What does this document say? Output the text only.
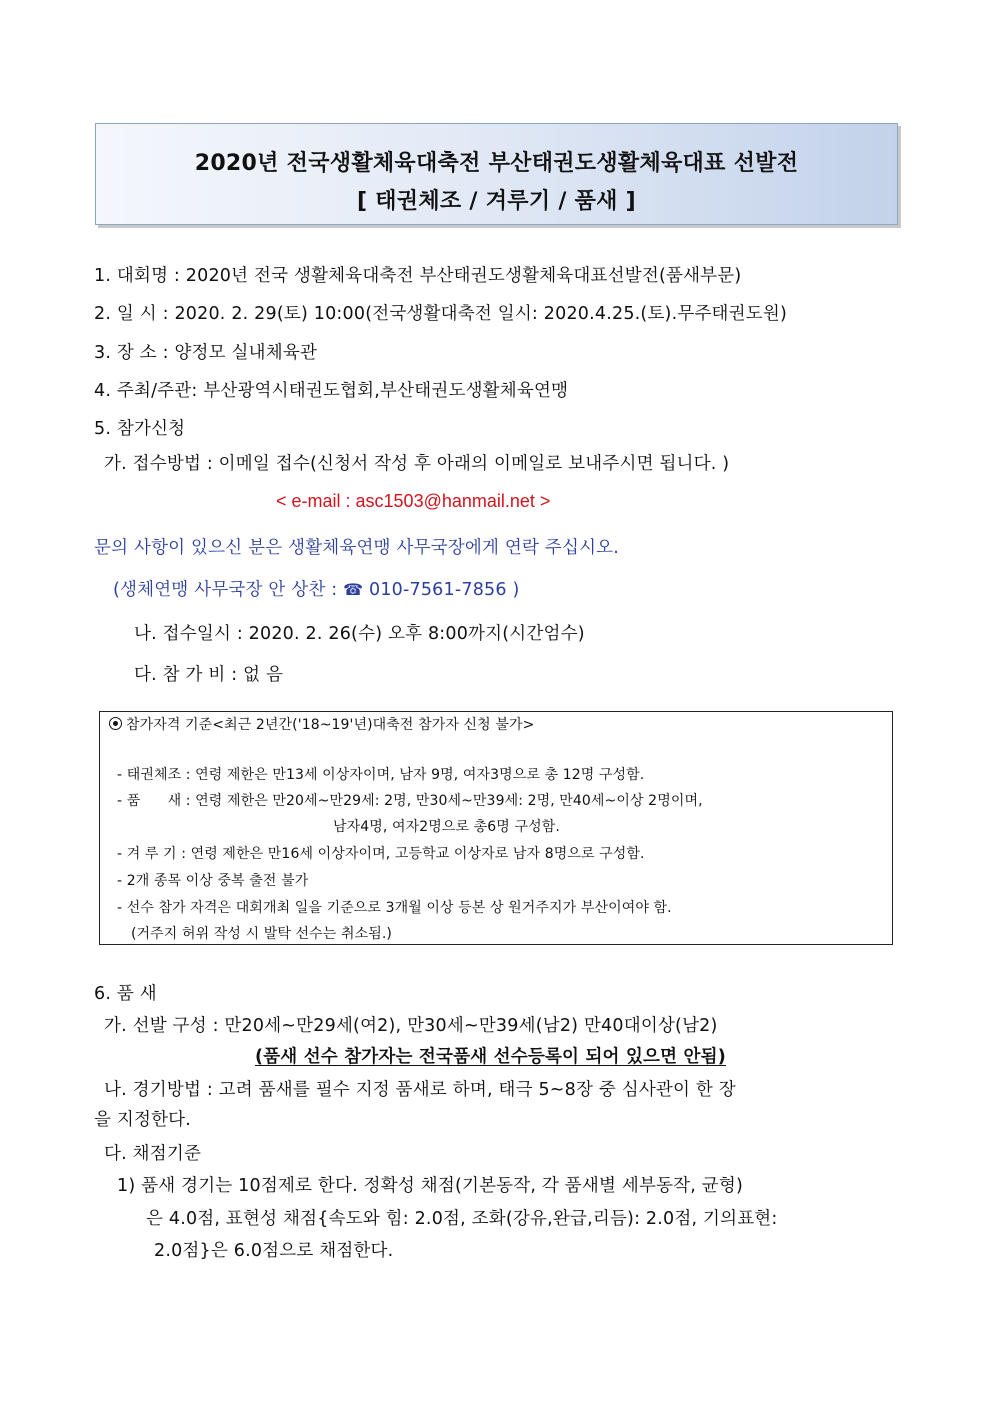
2020년 전국생활체육대축전 부산태권도생활체육대표 선발전
[ 태권체조 / 겨루기 / 품새 ]
1. 대회명 : 2020년 전국 생활체육대축전 부산태권도생활체육대표선발전(품새부문)
2. 일 시 : 2020. 2. 29(토) 10:00(전국생활대축전 일시: 2020.4.25.(토).무주태권도원)
3. 장 소 : 양정모 실내체육관
4. 주최/주관: 부산광역시태권도협회,부산태권도생활체육연맹
5. 참가신청
가. 접수방법 : 이메일 접수(신청서 작성 후 아래의 이메일로 보내주시면 됩니다. )
< e-mail : asc1503@hanmail.net >
문의 사항이 있으신 분은 생활체육연맹 사무국장에게 연락 주십시오.
(생체연맹 사무국장 안 상찬 : ☎ 010-7561-7856 )
나. 접수일시 : 2020. 2. 26(수) 오후 8:00까지(시간엄수)
다. 참 가 비 : 없 음
참가자격 기준<최근 2년간('18~19'년)대축전 참가자 신청 불가>
- 태권체조 : 연령 제한은 만13세 이상자이며, 남자 9명, 여자3명으로 총 12명 구성함.
- 품      새 : 연령 제한은 만20세~만29세: 2명, 만30세~만39세: 2명, 만40세~이상 2명이며,
남자4명, 여자2명으로 총6명 구성함.
- 겨 루 기 : 연령 제한은 만16세 이상자이며, 고등학교 이상자로 남자 8명으로 구성함.
- 2개 종목 이상 중복 출전 불가
- 선수 참가 자격은 대회개최 일을 기준으로 3개월 이상 등본 상 원거주지가 부산이여야 함.
(거주지 허위 작성 시 발탁 선수는 취소됨.)
6. 품 새
가. 선발 구성 : 만20세~만29세(여2), 만30세~만39세(남2) 만40대이상(남2)
(품새 선수 참가자는 전국품새 선수등록이 되어 있으면 안됨)
나. 경기방법 : 고려 품새를 필수 지정 품새로 하며, 태극 5~8장 중 심사관이 한 장
을 지정한다.
다. 채점기준
1) 품새 경기는 10점제로 한다. 정확성 채점(기본동작, 각 품새별 세부동작, 균형)
은 4.0점, 표현성 채점{속도와 힘: 2.0점, 조화(강유,완급,리듬): 2.0점, 기의표현:
2.0점}은 6.0점으로 채점한다.
